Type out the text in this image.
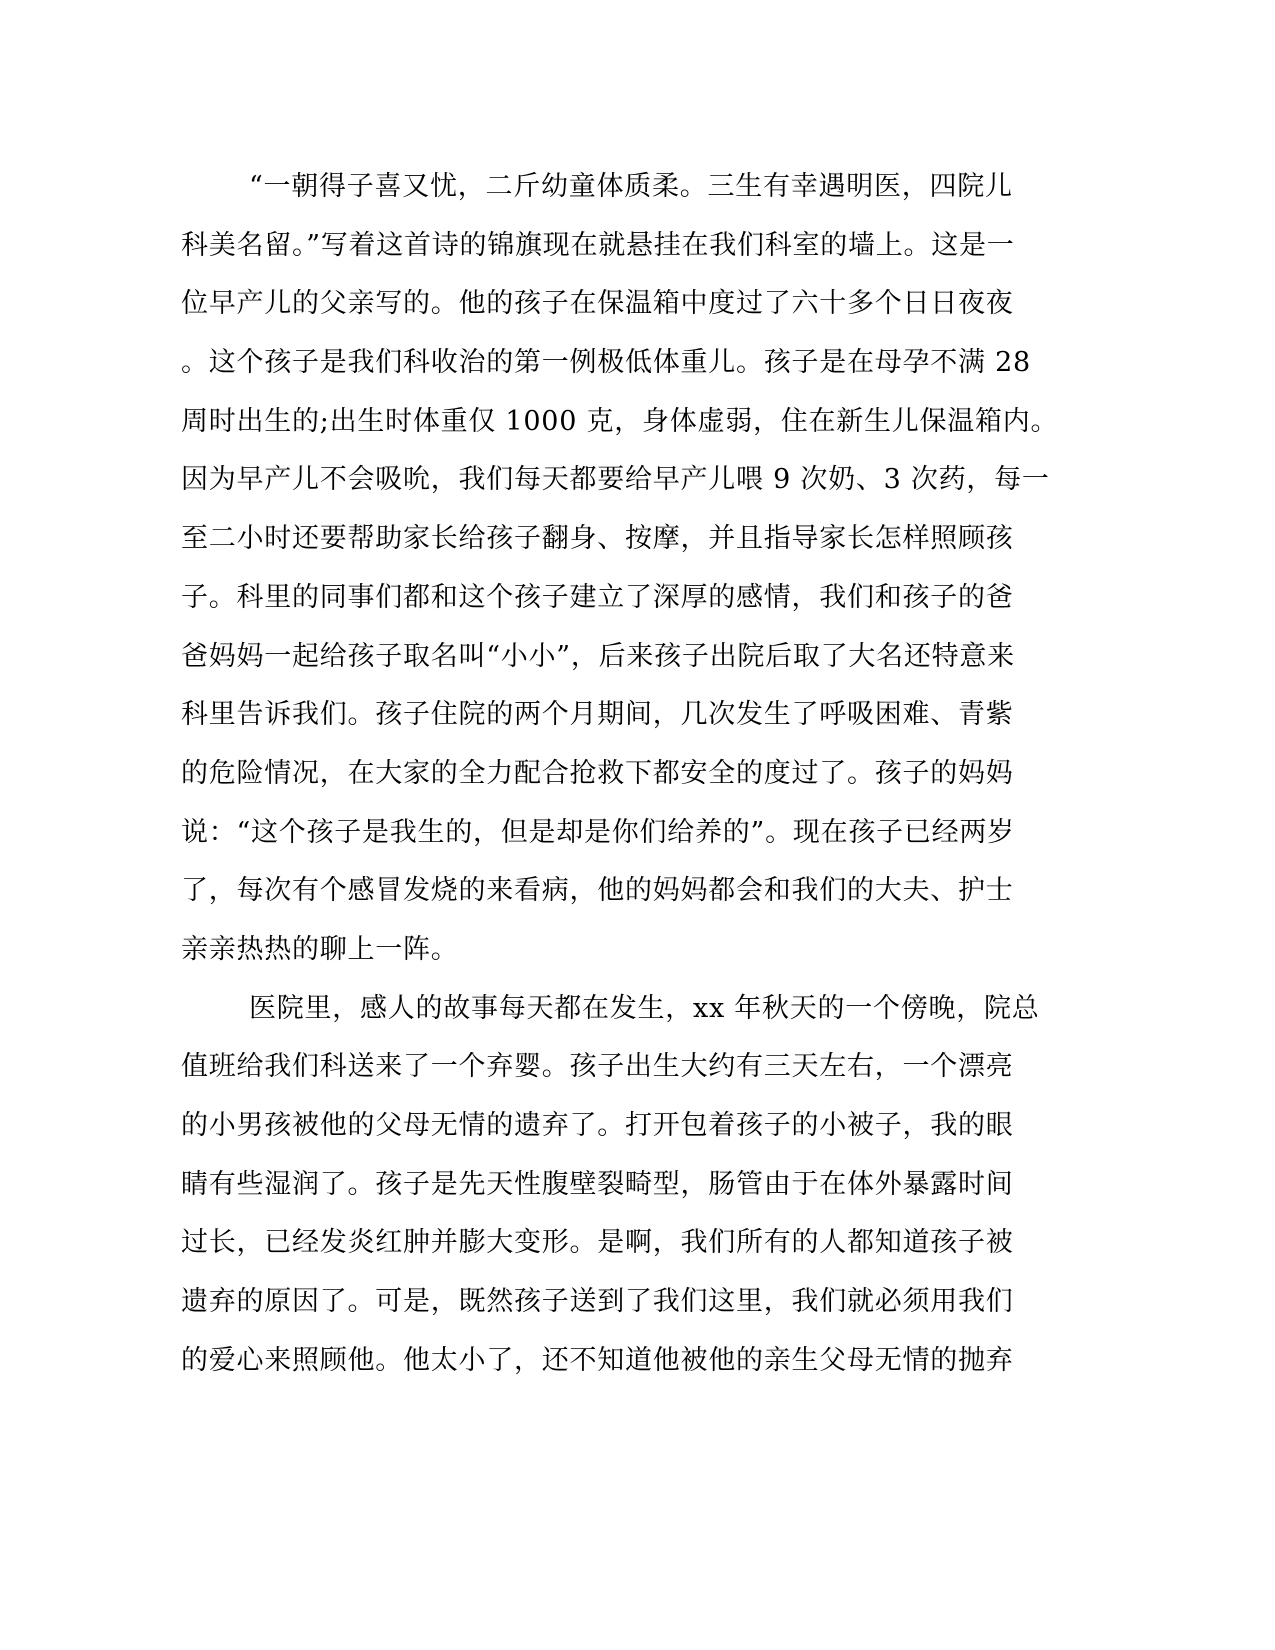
“一朝得子喜又忧，二斤幼童体质柔。三生有幸遇明医，四院儿
科美名留。”写着这首诗的锦旗现在就悬挂在我们科室的墙上。这是一
位早产儿的父亲写的。他的孩子在保温箱中度过了六十多个日日夜夜
。这个孩子是我们科收治的第一例极低体重儿。孩子是在母孕不满 28
周时出生的;出生时体重仅 1000 克，身体虚弱，住在新生儿保温箱内。
因为早产儿不会吸吮，我们每天都要给早产儿喂 9 次奶、3 次药，每一
至二小时还要帮助家长给孩子翻身、按摩，并且指导家长怎样照顾孩
子。科里的同事们都和这个孩子建立了深厚的感情，我们和孩子的爸
爸妈妈一起给孩子取名叫“小小”，后来孩子出院后取了大名还特意来
科里告诉我们。孩子住院的两个月期间，几次发生了呼吸困难、青紫
的危险情况，在大家的全力配合抢救下都安全的度过了。孩子的妈妈
说：“这个孩子是我生的，但是却是你们给养的”。现在孩子已经两岁
了，每次有个感冒发烧的来看病，他的妈妈都会和我们的大夫、护士
亲亲热热的聊上一阵。
医院里，感人的故事每天都在发生，xx 年秋天的一个傍晚，院总
值班给我们科送来了一个弃婴。孩子出生大约有三天左右，一个漂亮
的小男孩被他的父母无情的遗弃了。打开包着孩子的小被子，我的眼
睛有些湿润了。孩子是先天性腹壁裂畸型，肠管由于在体外暴露时间
过长，已经发炎红肿并膨大变形。是啊，我们所有的人都知道孩子被
遗弃的原因了。可是，既然孩子送到了我们这里，我们就必须用我们
的爱心来照顾他。他太小了，还不知道他被他的亲生父母无情的抛弃
